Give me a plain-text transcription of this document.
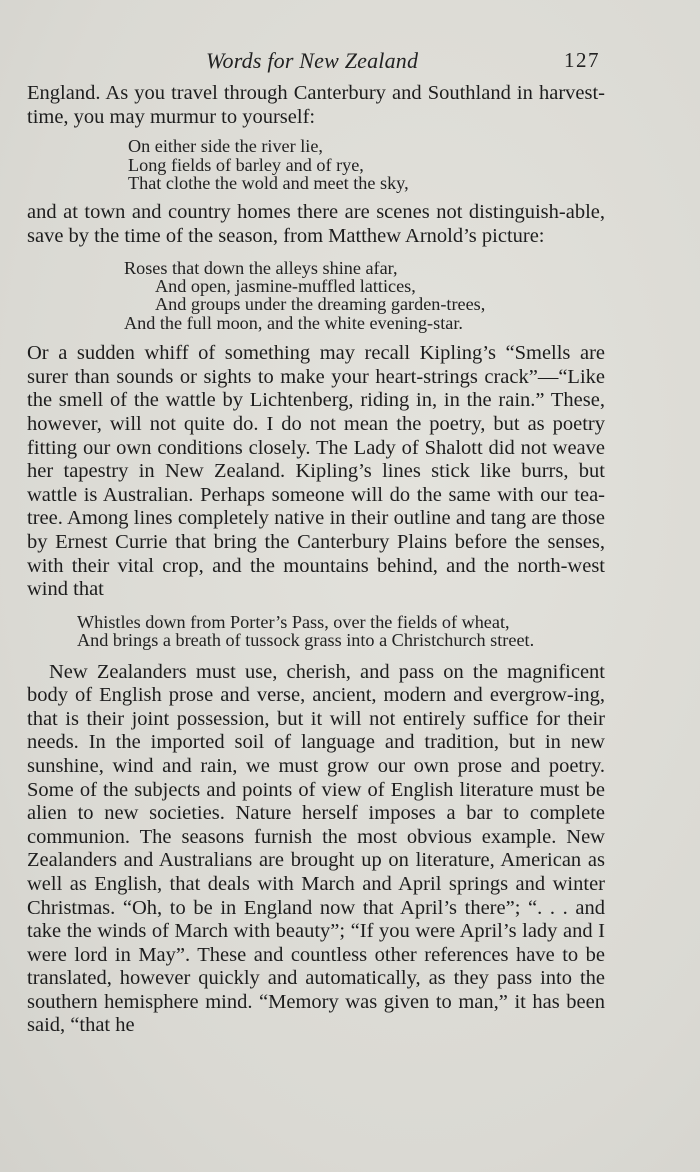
Words for New Zealand	127

England. As you travel through Canterbury and Southland in harvest-time, you may murmur to yourself:

On either side the river lie,
Long fields of barley and of rye,
That clothe the wold and meet the sky,

and at town and country homes there are scenes not distinguish-able, save by the time of the season, from Matthew Arnold’s picture:

Roses that down the alleys shine afar,
And open, jasmine-muffled lattices,
And groups under the dreaming garden-trees,
And the full moon, and the white evening-star.

Or a sudden whiff of something may recall Kipling’s “Smells are surer than sounds or sights to make your heart-strings crack”—“Like the smell of the wattle by Lichtenberg, riding in, in the rain.” These, however, will not quite do. I do not mean the poetry, but as poetry fitting our own conditions closely. The Lady of Shalott did not weave her tapestry in New Zealand. Kipling’s lines stick like burrs, but wattle is Australian. Perhaps someone will do the same with our tea-tree. Among lines completely native in their outline and tang are those by Ernest Currie that bring the Canterbury Plains before the senses, with their vital crop, and the mountains behind, and the north-west wind that

Whistles down from Porter’s Pass, over the fields of wheat,
And brings a breath of tussock grass into a Christchurch street.

New Zealanders must use, cherish, and pass on the magnificent body of English prose and verse, ancient, modern and evergrow-ing, that is their joint possession, but it will not entirely suffice for their needs. In the imported soil of language and tradition, but in new sunshine, wind and rain, we must grow our own prose and poetry. Some of the subjects and points of view of English literature must be alien to new societies. Nature herself imposes a bar to complete communion. The seasons furnish the most obvious example. New Zealanders and Australians are brought up on literature, American as well as English, that deals with March and April springs and winter Christmas. “Oh, to be in England now that April’s there”; “. . . and take the winds of March with beauty”; “If you were April’s lady and I were lord in May”. These and countless other references have to be translated, however quickly and automatically, as they pass into the southern hemisphere mind. “Memory was given to man,” it has been said, “that he
